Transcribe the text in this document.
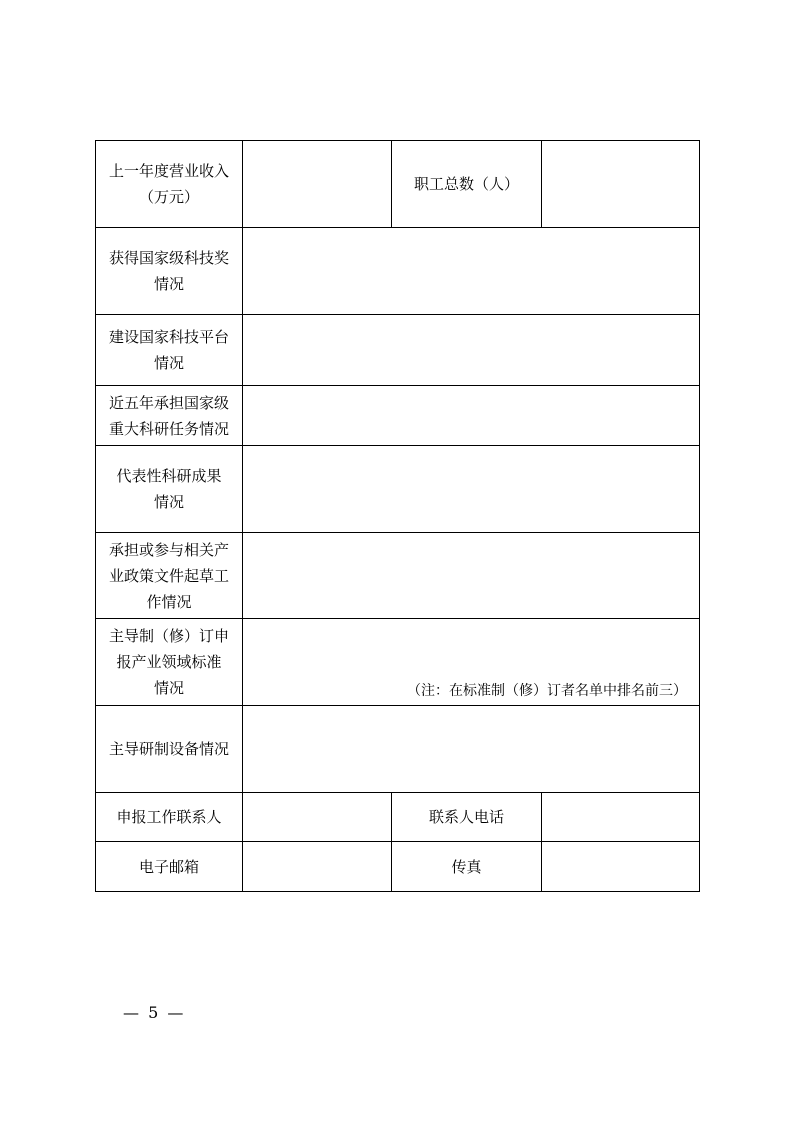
上一年度营业收入
（万元）		职工总数（人）	

获得国家级科技奖
情况			

建设国家科技平台
情况			

近五年承担国家级
重大科研任务情况			

代表性科研成果
情况			

承担或参与相关产
业政策文件起草工
作情况			

主导制（修）订申
报产业领域标准
情况	（注：在标准制（修）订者名单中排名前三）		

主导研制设备情况			
申报工作联系人		联系人电话	
电子邮箱		传真	
— 5 —
